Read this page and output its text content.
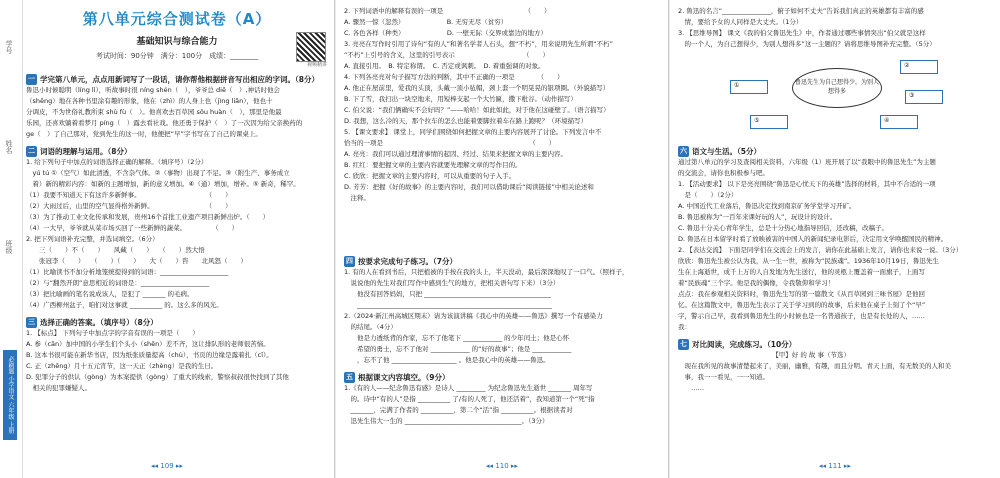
学号
姓名
班级
必刷题 小学语文 六年级 上册
第八单元综合测试卷（A）
基础知识与综合能力
考试时间：90分钟　满分：100分　成绩：________
视频精讲
一 学完第八单元，点点用新词写了一段话，请你帮他根据拼音写出相应的字词。（8分）

鲁迅小时候聪明（líng lì），听故事时很 níng shén（　），爷爷总 diē（　）,神话时他会

（shēng）地在各种书里涂有趣的形象，他在（zhì）的人身上也（jìng liǎn），他也十

分调皮，不为世俗礼教所束 shù fù（　）。他喜欢去百草园 sǒu huàn（　），那里是他最

乐园，还喜欢躺着看梦月 píng（　）露去看社戏。他还勇于保护（　）了一次因为给父亲换药的

ge（　）了自己那对，党到先生的这一时，他便把“早”字书写在了自己的课桌上。

二 词语的理解与运用。（8分）

1. 给下列句子中加点的词语选择正确的解释。（填序号）（2分）

　yú tú ①（空气）如此清透，不含杂气体。②（事物）出现了不足。③（附生产、事务成立

　着）新的精彩内容：如新的主题增加，新的意义增加。④（通）增加，增补。⑤ 新奇，稀罕。

（1）我要不知道天下有这许多新鲜事。　　　　　　　　　　　（　　）

（2）大雨过后，山里的空气显得格外新鲜。　　　　　　　　　（　　）

（3）为了推动工业文化传承和发展，贵州16个首批工业遗产项目新鲜出炉。（　　）

（4）一大早，爷爷就从菜市场买回了一些新鲜的蔬菜。　　　　　（　　）

2. 把下列词语补充完整，并选词填空。（6分）

　　三（　　）不（　　）　　风藏（　　）　　（　　）然大悟

　　张冠李（　　）　　（　　）（　　）　　大（　　）咨　　北风怒（　　）

（1）比喻读书不加分析地笼统提得到的词语：_____________________

（2）与“翻然开朗”意思相近的词语是：_____________________

（3）把比喻画的笔名说成该人，是犯了 _______ 的毛病。

（4）广西柳州盆子，咱们对这事就 __________ 的。这么多的风光。

三 选择正确的答案。（填序号）（8分）

1. 【标点】 下列句子中加点字的字音有误的一项是（　　）

A. 参（cān）加中国的小学生们个头小（shēn）差不齐，这让排队形的老师很苦恼。

B. 这本书很可能在新华书店，因为纸张质量提高（chù），书页的边缘是露着扎（cī）。

C. 正（zhēng）月十五元宵节，这一天正（zhèng）是我的生日。

D. 犯罪分子的供认（gòng）为本案提供（gòng）了重大的线索，警察叔叔很快找到了其他

　相关的犯罪嫌疑人。

◂◂ 109 ▸▸

2. 下列词语中的解释有误的一项是　　　　　　　　　　　　　（　　）

A. 骤然一惊（忽然）　　　　　　　B. 无穷无尽（贫穷）

C. 各色各样（种类）　　　　　　　D. 一壁无际（交界或靠边的地方）

3. 亮亮在写作时引用了诗句“有的人”和著名学者人石头，想“不朽”，用来说明先生所谓“不朽”

“不朽”上引号的含义，这里的引号表示　　　　　　　　　　　（　　）

A. 直接引用。　B. 特定称谓。　C. 否定或讽刺。　D. 着重强调的对象。

4. 下列各亮亮对句子描写方法的判断，其中不正确的一项是　　　　（　　）

A. 他正在屋前里，爱我的头顶，头戴一顶小毡帽，颈上套一个明晃晃的银项圈。（外貌描写）

B. 下了雪，我扫出一块空地来，用短棒支起一个大竹匾，撒下秕谷。（动作描写）

C. 伯父说：“我们俩确实不会好吗？”——哈哈！如此如此，对于他在这碰壁了。（语言描写）

D. 我想，这么冷的天，那个拉车的怎么也能着要脚拉着车在路上跑呢？（环境描写）

5. 【课文要求】 课堂上，同学们围绕如何把握文章的主要内容展开了讨论。下列发言中不

恰当的一项是　　　　　　　　　　　　　　　　　　　　　　　（　　）

A. 亮亮：我们可以通过理清事情的起因、经过、结果来把握文章的主要内容。

B. 红红：要把握文章的主要内容就要先理解文章的写作目的。

C. 欣欣：把握文章的主要内容时，可以从重要的句子入手。

D. 芳芳：把握《好的故事》的主要内容时，我们可以借助课后“阅读链接”中相关论述和

　注释。

四 按要求完成句子练习。（7分）

1. 有的人在看到书后，只把植被的手按在我的头上，半天没动，最后深深地叹了一口气。（照样子，

　说说他的先生对我们写作中感到生气的地方，把相关语句写下来）（3分）

　　他没有回答妈妈，只把 _______________________________________

　　____________________________________________________________

2.（2024·新江州高城区期末）请为该演讲稿《我心中的英雄——鲁迅》撰写一个有感染力

　的结尾。（4分）

　　他是力透纸背的作家，忘不了他笔下 ____________ 的少年闰土；他是心怀

　　希望的勇士，忘不了他对 ____________ 的“好的故事”；他是 ____________

　　，忘不了他 ____________________ 。他是我心中的英雄——鲁迅。

五 根据课文内容填空。（9分）

1.《有的人——纪念鲁迅有感》是诗人 _________ 为纪念鲁迅先生逝世 _______ 周年写

　的。诗中“有的人”是指 __________ 了/有的人死了，他还活着”，我知道第一个“死”指

　_______，完满了作者的 __________，第二个“活”指 __________。根据读者对

　迅先生伟大一生的 ____________________________________。（3分）

◂◂ 110 ▸▸

2. 鲁迅的名言“_______________，俯子如何不丈夫”告诉我们真正的英雄都有丰富的感

　情，要给予女的人同样是大丈夫。（1分）

3. 【思维导图】 课文《我的伯父鲁迅先生》中，作者通过哪些事情突出“伯父就是这样

　的一个人，为自己想得少，为别人想得多”这一主题的？请将思维导图补充完整。（5分）

鲁迅先生为自己想得少，为别人想得多
①
②
③
④
⑤
六 语文与生活。（5分）

通过第八单元的学习及查阅相关资料，六年级（1）班开展了以“我眼中的鲁迅先生”为主题

的交流会，请你也积极参与吧。

1. 【活动要求】 以下是亮亮围绕“鲁迅是心忧天下的英雄”选择的材料，其中不合适的一项

　是（　　）（2分）

A. 中国近代工业落后，鲁迅决定找到南京矿务学堂学习开矿。

B. 鲁迅被称为“一百年来课好玩的人”，玩设计的设计。

C. 鲁迅十分关心青年学生，总是十分热心地指导回信，还改稿，改稿子。

D. 鲁迅在日本留学时看了放映被害的中国人的新闻纪录电影后，决定用文学唤醒国民的精神。

2. 【表达交流】 下面是同学们在交流会上的发言，请你在此基础上发言，请你也来说一说。（3分）

欣欣：鲁迅先生被公认为我，从一生一世，被称为“民族魂”。1936年10月19日，鲁迅先生

生在上海逝世，成千上万的人自发地为先生送行，他的灵柩上覆盖着一面旗子，上面写

着“民族魂”三个字。他是我的偶像，令我敬仰和学习！

点点：我在参观相关资料时，鲁迅先生写的第一篇散文《从百草园到三味书屋》是他回

忆。在这篇散文中，鲁迅先生表示了关于学习到的的故事，后来他在桌子上刻了个“早”

字，警示自己早，我看到鲁迅先生的小时候也是一名普通孩子，也是有长处的人，……

我：

七 对比阅读，完成练习。（10分）

　　　　　　　　　　　　　　　【甲】好 的 故 事（节选）

　现在我所见的故事清楚起来了，美丽，幽雅，有趣，而且分明。青天上面，有无数美的人和美

　事，我一一看见，一一知道。

　　……

◂◂ 111 ▸▸
